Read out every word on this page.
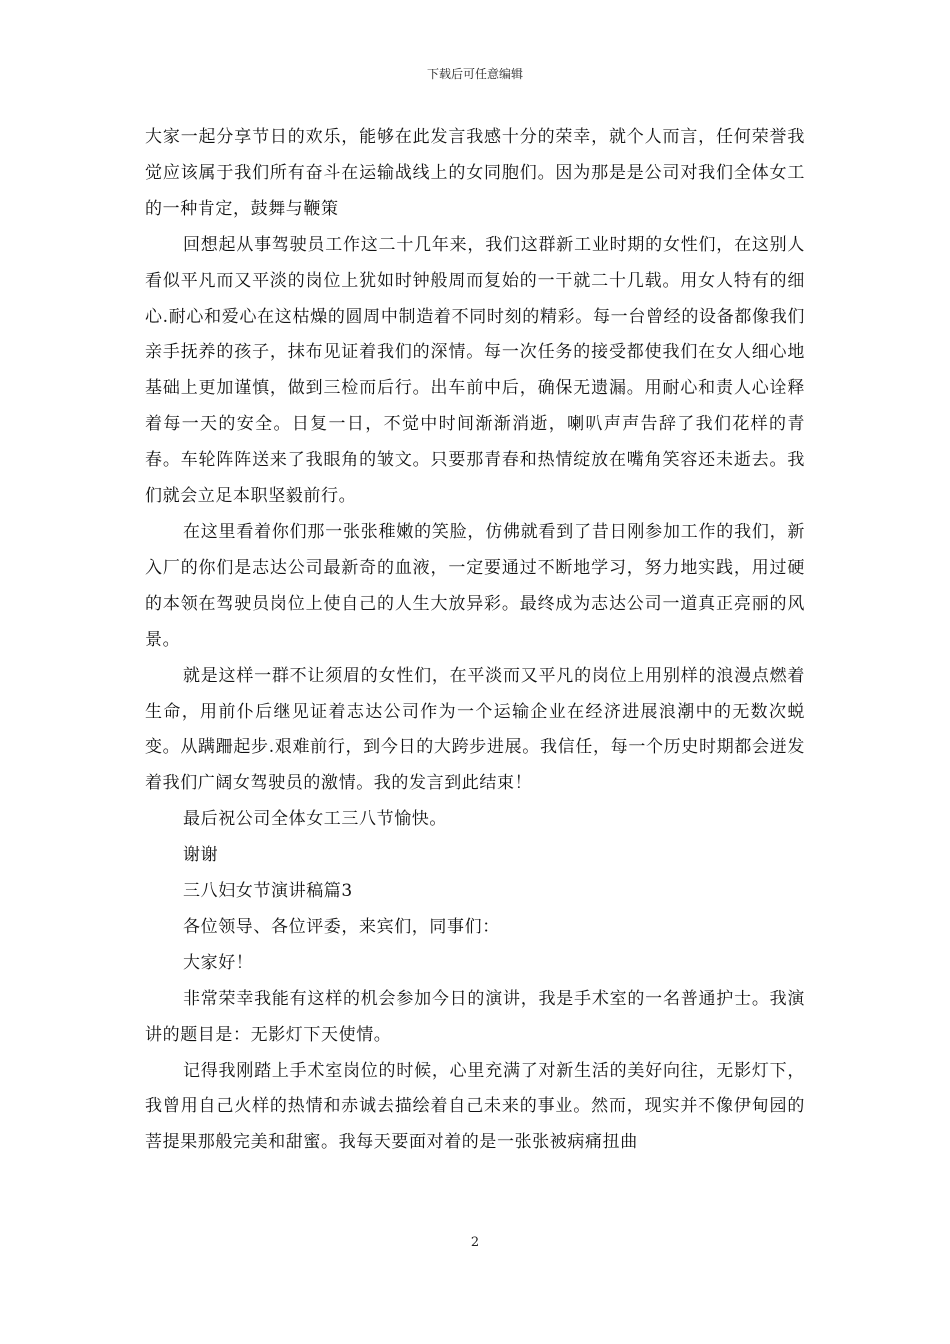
下载后可任意编辑

大家一起分享节日的欢乐，能够在此发言我感十分的荣幸，就个人而言，任何荣誉我觉应该属于我们所有奋斗在运输战线上的女同胞们。因为那是是公司对我们全体女工的一种肯定，鼓舞与鞭策

回想起从事驾驶员工作这二十几年来，我们这群新工业时期的女性们，在这别人看似平凡而又平淡的岗位上犹如时钟般周而复始的一干就二十几载。用女人特有的细心.耐心和爱心在这枯燥的圆周中制造着不同时刻的精彩。每一台曾经的设备都像我们亲手抚养的孩子，抹布见证着我们的深情。每一次任务的接受都使我们在女人细心地基础上更加谨慎，做到三检而后行。出车前中后，确保无遗漏。用耐心和责人心诠释着每一天的安全。日复一日，不觉中时间渐渐消逝，喇叭声声告辞了我们花样的青春。车轮阵阵送来了我眼角的皱文。只要那青春和热情绽放在嘴角笑容还未逝去。我们就会立足本职坚毅前行。

在这里看着你们那一张张稚嫩的笑脸，仿佛就看到了昔日刚参加工作的我们，新入厂的你们是志达公司最新奇的血液，一定要通过不断地学习，努力地实践，用过硬的本领在驾驶员岗位上使自己的人生大放异彩。最终成为志达公司一道真正亮丽的风景。

就是这样一群不让须眉的女性们，在平淡而又平凡的岗位上用别样的浪漫点燃着生命，用前仆后继见证着志达公司作为一个运输企业在经济进展浪潮中的无数次蜕变。从蹒跚起步.艰难前行，到今日的大跨步进展。我信任，每一个历史时期都会迸发着我们广阔女驾驶员的激情。我的发言到此结束！

最后祝公司全体女工三八节愉快。

谢谢

三八妇女节演讲稿篇3

各位领导、各位评委，来宾们，同事们：

大家好！

非常荣幸我能有这样的机会参加今日的演讲，我是手术室的一名普通护士。我演讲的题目是：无影灯下天使情。

记得我刚踏上手术室岗位的时候，心里充满了对新生活的美好向往，无影灯下，我曾用自己火样的热情和赤诚去描绘着自己未来的事业。然而，现实并不像伊甸园的菩提果那般完美和甜蜜。我每天要面对着的是一张张被病痛扭曲

2
